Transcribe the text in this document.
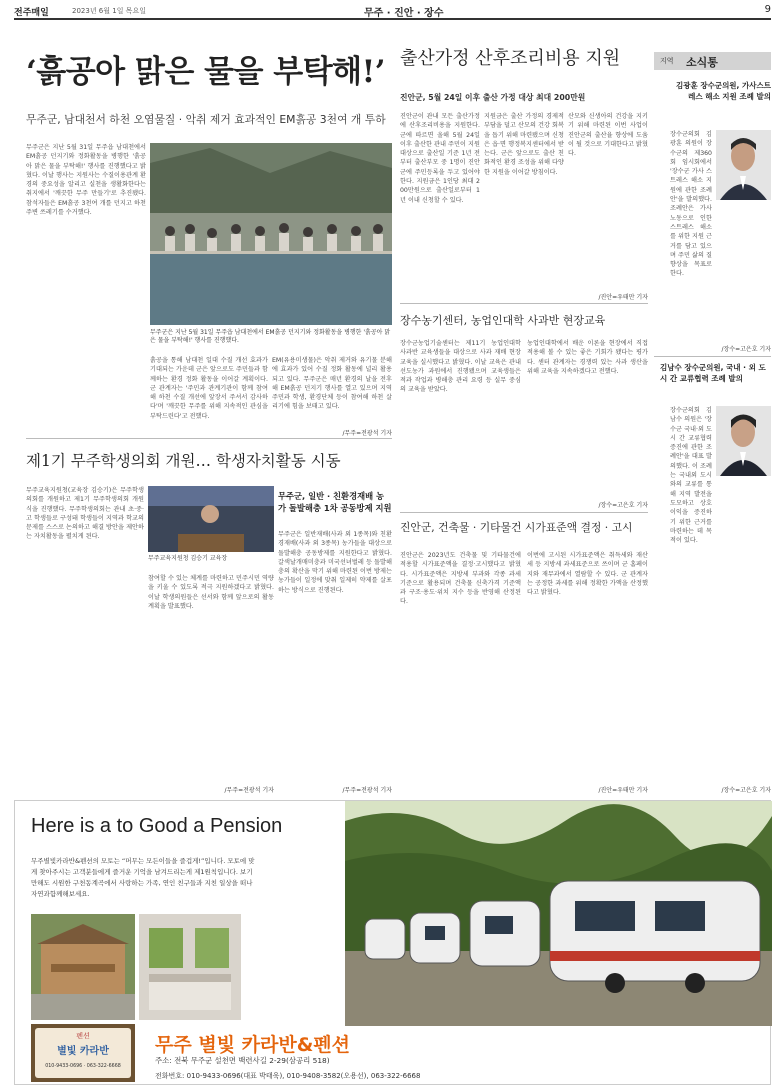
전주매일	2023년 6월 1일 목요일	무주 · 진안 · 장수	9
‘흙공아 맑은 물을 부탁해!’
무주군, 남대천서 하천 오염물질 · 악취 제거 효과적인 EM흙공 3천여 개 투하
무주군은 지난 5월 31일 무주읍 남대천에서 EM흙공 던지기와 정화활동을 병행한 '흙공아 맑은 물을 부탁해!' 행사를 진행했다고 밝혔다. 이날 행사는 지원사는 수질이용관계 환경의 중요성을 알리고 실천을 생활화한다는 취지에서 '깨끗한 무주 만들기'로 추진됐다. 참석자들은 EM흙공 3천여 개를 던지고 하천 주변 쓰레기를 수거했다.
무주군은 지난 5월 31일 무주읍 남대천에서 EM흙공 던지기와 정화활동을 병행한 '흙공아 맑은 물을 부탁해!' 행사를 진행했다.
흙공을 통해 남대천 일대 수질 개선 효과가 기대되는 가운데 군은 앞으로도 주민들과 함께하는 환경 정화 활동을 이어갈 계획이다. 군 관계자는 '주민과 관계기관이 함께 참여해 하천 수질 개선에 앞장서 주셔서 감사하다'며 '깨끗한 무주를 위해 지속적인 관심을 부탁드린다'고 전했다.
EM(유용미생물)은 악취 제거와 유기물 분해에 효과가 있어 수질 정화 활동에 널리 활용되고 있다. 무주군은 매년 환경의 날을 전후해 EM흙공 던지기 행사를 열고 있으며 지역 주민과 학생, 환경단체 등이 참여해 하천 살리기에 힘을 보태고 있다.
/무주=전광석 기자
제1기 무주학생의회 개원… 학생자치활동 시동
무주교육지원청(교육장 김승기)은 무주학생의회를 개원하고 제1기 무주학생의회 개원식을 진행했다. 무주학생의회는 관내 초·중·고 학생들로 구성돼 학생들이 지역과 학교의 문제를 스스로 논의하고 해결 방안을 제안하는 자치활동을 펼치게 된다.
무주교육지원청 김승기 교육장
참여할 수 있는 체계를 마련하고 민주시민 역량을 키울 수 있도록 적극 지원하겠다고 밝혔다. 이날 학생의원들은 선서와 함께 앞으로의 활동 계획을 발표했다.
/무주=전광석 기자
무주군, 일반 · 친환경재배 농가 돌발해충 1차 공동방제 지원
무주군은 일반재배(사과 외 1종목)와 친환경재배(사과 외 3종목) 농가들을 대상으로 돌발해충 공동방제를 지원한다고 밝혔다. 갈색날개매미충과 미국선녀벌레 등 돌발해충의 확산을 막기 위해 마련된 이번 방제는 농가들이 일정에 맞춰 일제히 약제를 살포하는 방식으로 진행된다.
/무주=전광석 기자
출산가정 산후조리비용 지원
진안군, 5월 24일 이후 출산 가정 대상 최대 200만원
진안군이 관내 모든 출산가정에 산후조리비용을 지원한다. 군에 따르면 올해 5월 24일 이후 출산한 관내 주민이 지원대상으로 출산일 기준 1년 전부터 출산부모 중 1명이 진안군에 주민등록을 두고 있어야 한다. 지원금은 1인당 최대 200만원으로 출산일로부터 1년 이내 신청할 수 있다.
지원금은 출산 가정의 경제적 부담을 덜고 산모의 건강 회복을 돕기 위해 마련됐으며 신청은 읍·면 행정복지센터에서 받는다. 군은 앞으로도 출산 친화적인 환경 조성을 위해 다양한 지원을 이어갈 방침이다.
산모와 신생아의 건강을 지키기 위해 마련된 이번 사업이 진안군의 출산율 향상에 도움이 될 것으로 기대한다고 밝혔다.
/진안=우태만 기자
장수농기센터, 농업인대학 사과반 현장교육
장수군농업기술센터는 제11기 농업인대학 사과반 교육생들을 대상으로 사과 재배 현장교육을 실시했다고 밝혔다. 이날 교육은 관내 선도농가 과원에서 진행됐으며 교육생들은 적과 작업과 병해충 관리 요령 등 실무 중심의 교육을 받았다.
농업인대학에서 배운 이론을 현장에서 직접 적용해 볼 수 있는 좋은 기회가 됐다는 평가다. 센터 관계자는 경쟁력 있는 사과 생산을 위해 교육을 지속하겠다고 전했다.
/장수=고은호 기자
진안군, 건축물 · 기타물건 시가표준액 결정 · 고시
진안군은 2023년도 건축물 및 기타물건에 적용할 시가표준액을 결정·고시했다고 밝혔다. 시가표준액은 지방세 부과와 각종 과세 기준으로 활용되며 건축물 신축가격 기준액과 구조·용도·위치 지수 등을 반영해 산정된다.
이번에 고시된 시가표준액은 취득세와 재산세 등 지방세 과세표준으로 쓰이며 군 홈페이지와 재무과에서 열람할 수 있다. 군 관계자는 공정한 과세를 위해 정확한 가액을 산정했다고 밝혔다.
/진안=우태만 기자
지역 소식통
김광훈 장수군의원, 가사스트레스 해소 지원 조례 발의
장수군의회 김광훈 의원이 장수군의 제360회 임시회에서 '장수군 가사 스트레스 해소 지원에 관한 조례안'을 발의했다. 조례안은 가사노동으로 인한 스트레스 해소를 위한 지원 근거를 담고 있으며 주민 삶의 질 향상을 목표로 한다.
/장수=고은호 기자
김남수 장수군의원, 국내 · 외 도시 간 교류협력 조례 발의
장수군의회 김남수 의원은 '장수군 국내·외 도시 간 교류협력 증진에 관한 조례안'을 대표 발의했다. 이 조례는 국내외 도시와의 교류를 통해 지역 발전을 도모하고 상호 이익을 증진하기 위한 근거를 마련하는 데 목적이 있다.
/장수=고은호 기자
Here is a to Good a Pension
무주별빛카라반&펜션의 모토는 “머무는 모든이들을 즐겁게!”입니다. 모토에 맞게 찾아주시는 고객분들에게 즐거운 기억을 남겨드리는게 제1원칙입니다. 보기만해도 시원한 구천동계곡에서 사랑하는 가족, 연인 친구들과 지친 일상을 떠나 자연과함께해보세요.
펜션
별빛 카라반
010-9433-0696 · 063-322-6668
무주 별빛 카라반&펜션
주소: 전북 무주군 설천면 백련사길 2-29(삼공리 518)
전화번호: 010-9433-0696(대표 박태욱), 010-9408-3582(오용선), 063-322-6668
